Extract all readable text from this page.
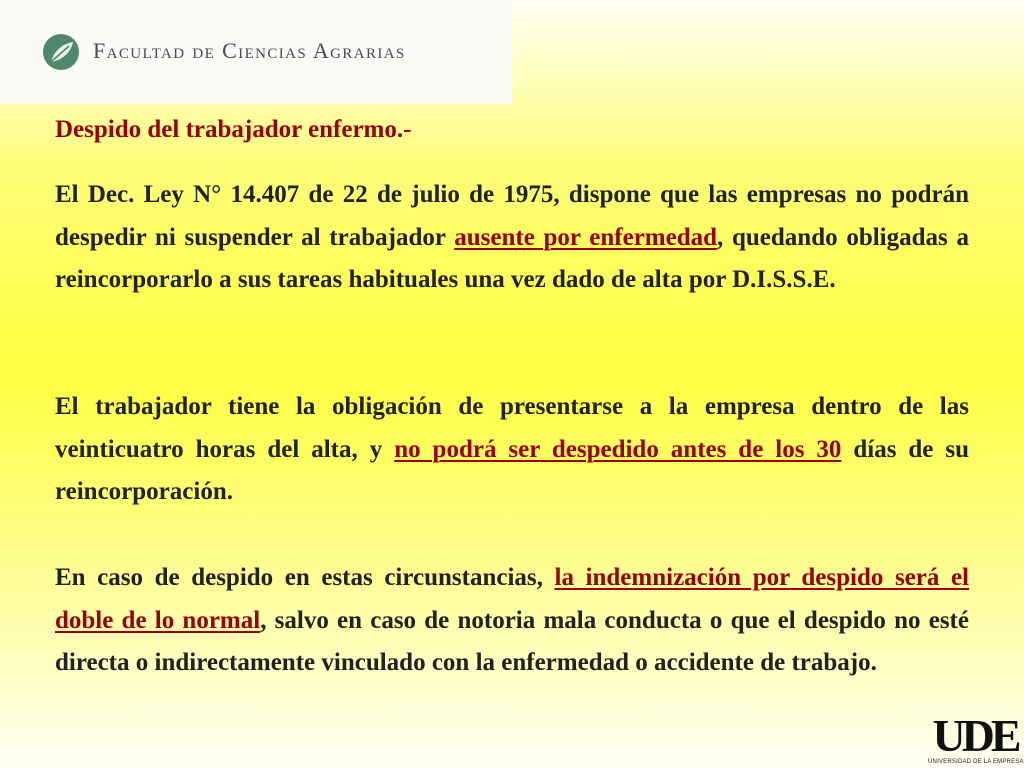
Facultad de Ciencias Agrarias
Despido del trabajador enfermo.-

El Dec. Ley N° 14.407 de 22 de julio de 1975, dispone que las empresas no podrán despedir ni suspender al trabajador ausente por enfermedad, quedando obligadas a reincorporarlo a sus tareas habituales una vez dado de alta por D.I.S.S.E.

El trabajador tiene la obligación de presentarse a la empresa dentro de las veinticuatro horas del alta, y no podrá ser despedido antes de los 30 días de su reincorporación.

En caso de despido en estas circunstancias, la indemnización por despido será el doble de lo normal, salvo en caso de notoria mala conducta o que el despido no esté directa o indirectamente vinculado con la enfermedad o accidente de trabajo.

UDE
UNIVERSIDAD DE LA EMPRESA
